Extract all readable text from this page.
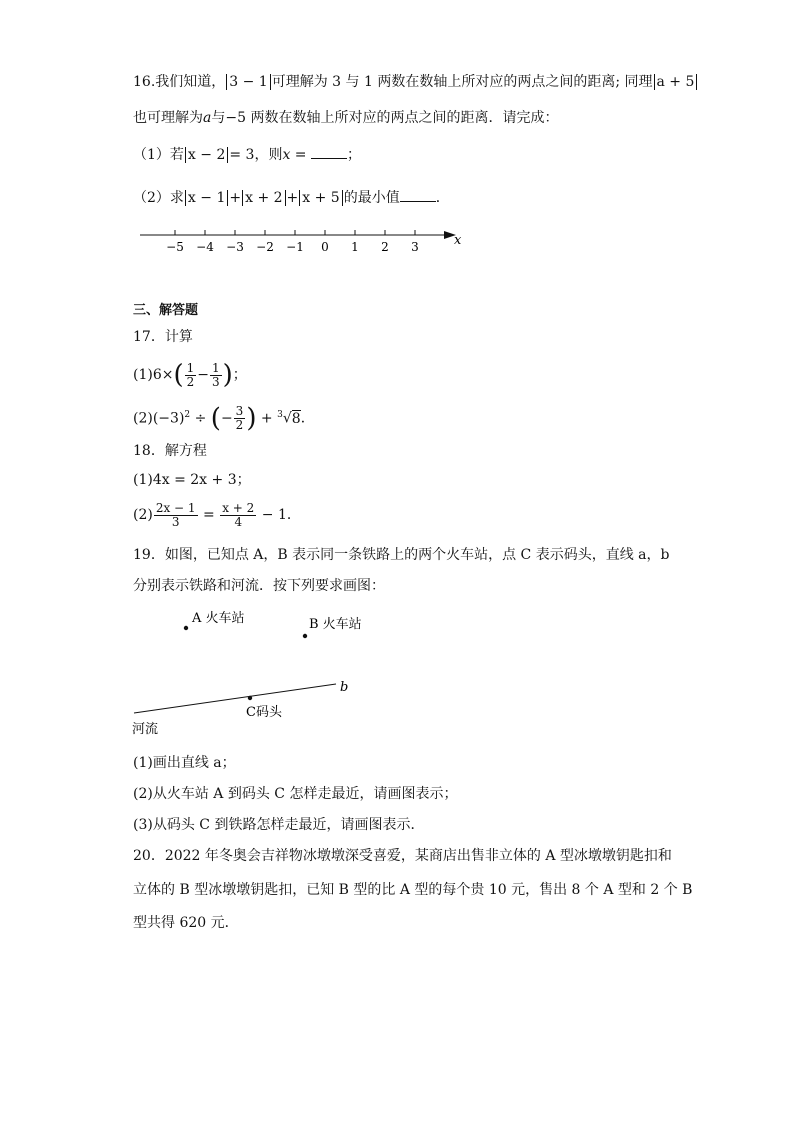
16.我们知道， 3 − 1 可理解为 3 与 1 两数在数轴上所对应的两点之间的距离; 同理 a + 5
也可理解为a与−5 两数在数轴上所对应的两点之间的距离．请完成：
（1）若 x − 2 = 3，则x =	；
（2）求 x − 1 + x + 2 + x + 5 的最小值	．
−5 −4 −3 −2 −1 0 1 2 3	x
三、解答题
17．计算
$(1)6\times( \frac{1}{2} - \frac{1}{3}$ )；
$(2)(-3)^2$ ÷ (− $\frac{3}{2}$ ) + $^3$√8．
18．解方程
(1)4x = 2x + 3；
$(2) \frac{2x - 1}{3} = \frac{x + 2}{4} - 1$．
19．如图，已知点 A，B 表示同一条铁路上的两个火车站，点 C 表示码头，直线 a，b
分别表示铁路和河流．按下列要求画图：
A 火车站	B 火车站
b
C码头
河流
(1)画出直线 a；
(2)从火车站 A 到码头 C 怎样走最近，请画图表示；
(3)从码头 C 到铁路怎样走最近，请画图表示．
20．2022 年冬奥会吉祥物冰墩墩深受喜爱，某商店出售非立体的 A 型冰墩墩钥匙扣和
立体的 B 型冰墩墩钥匙扣，已知 B 型的比 A 型的每个贵 10 元，售出 8 个 A 型和 2 个 B
型共得 620 元．
